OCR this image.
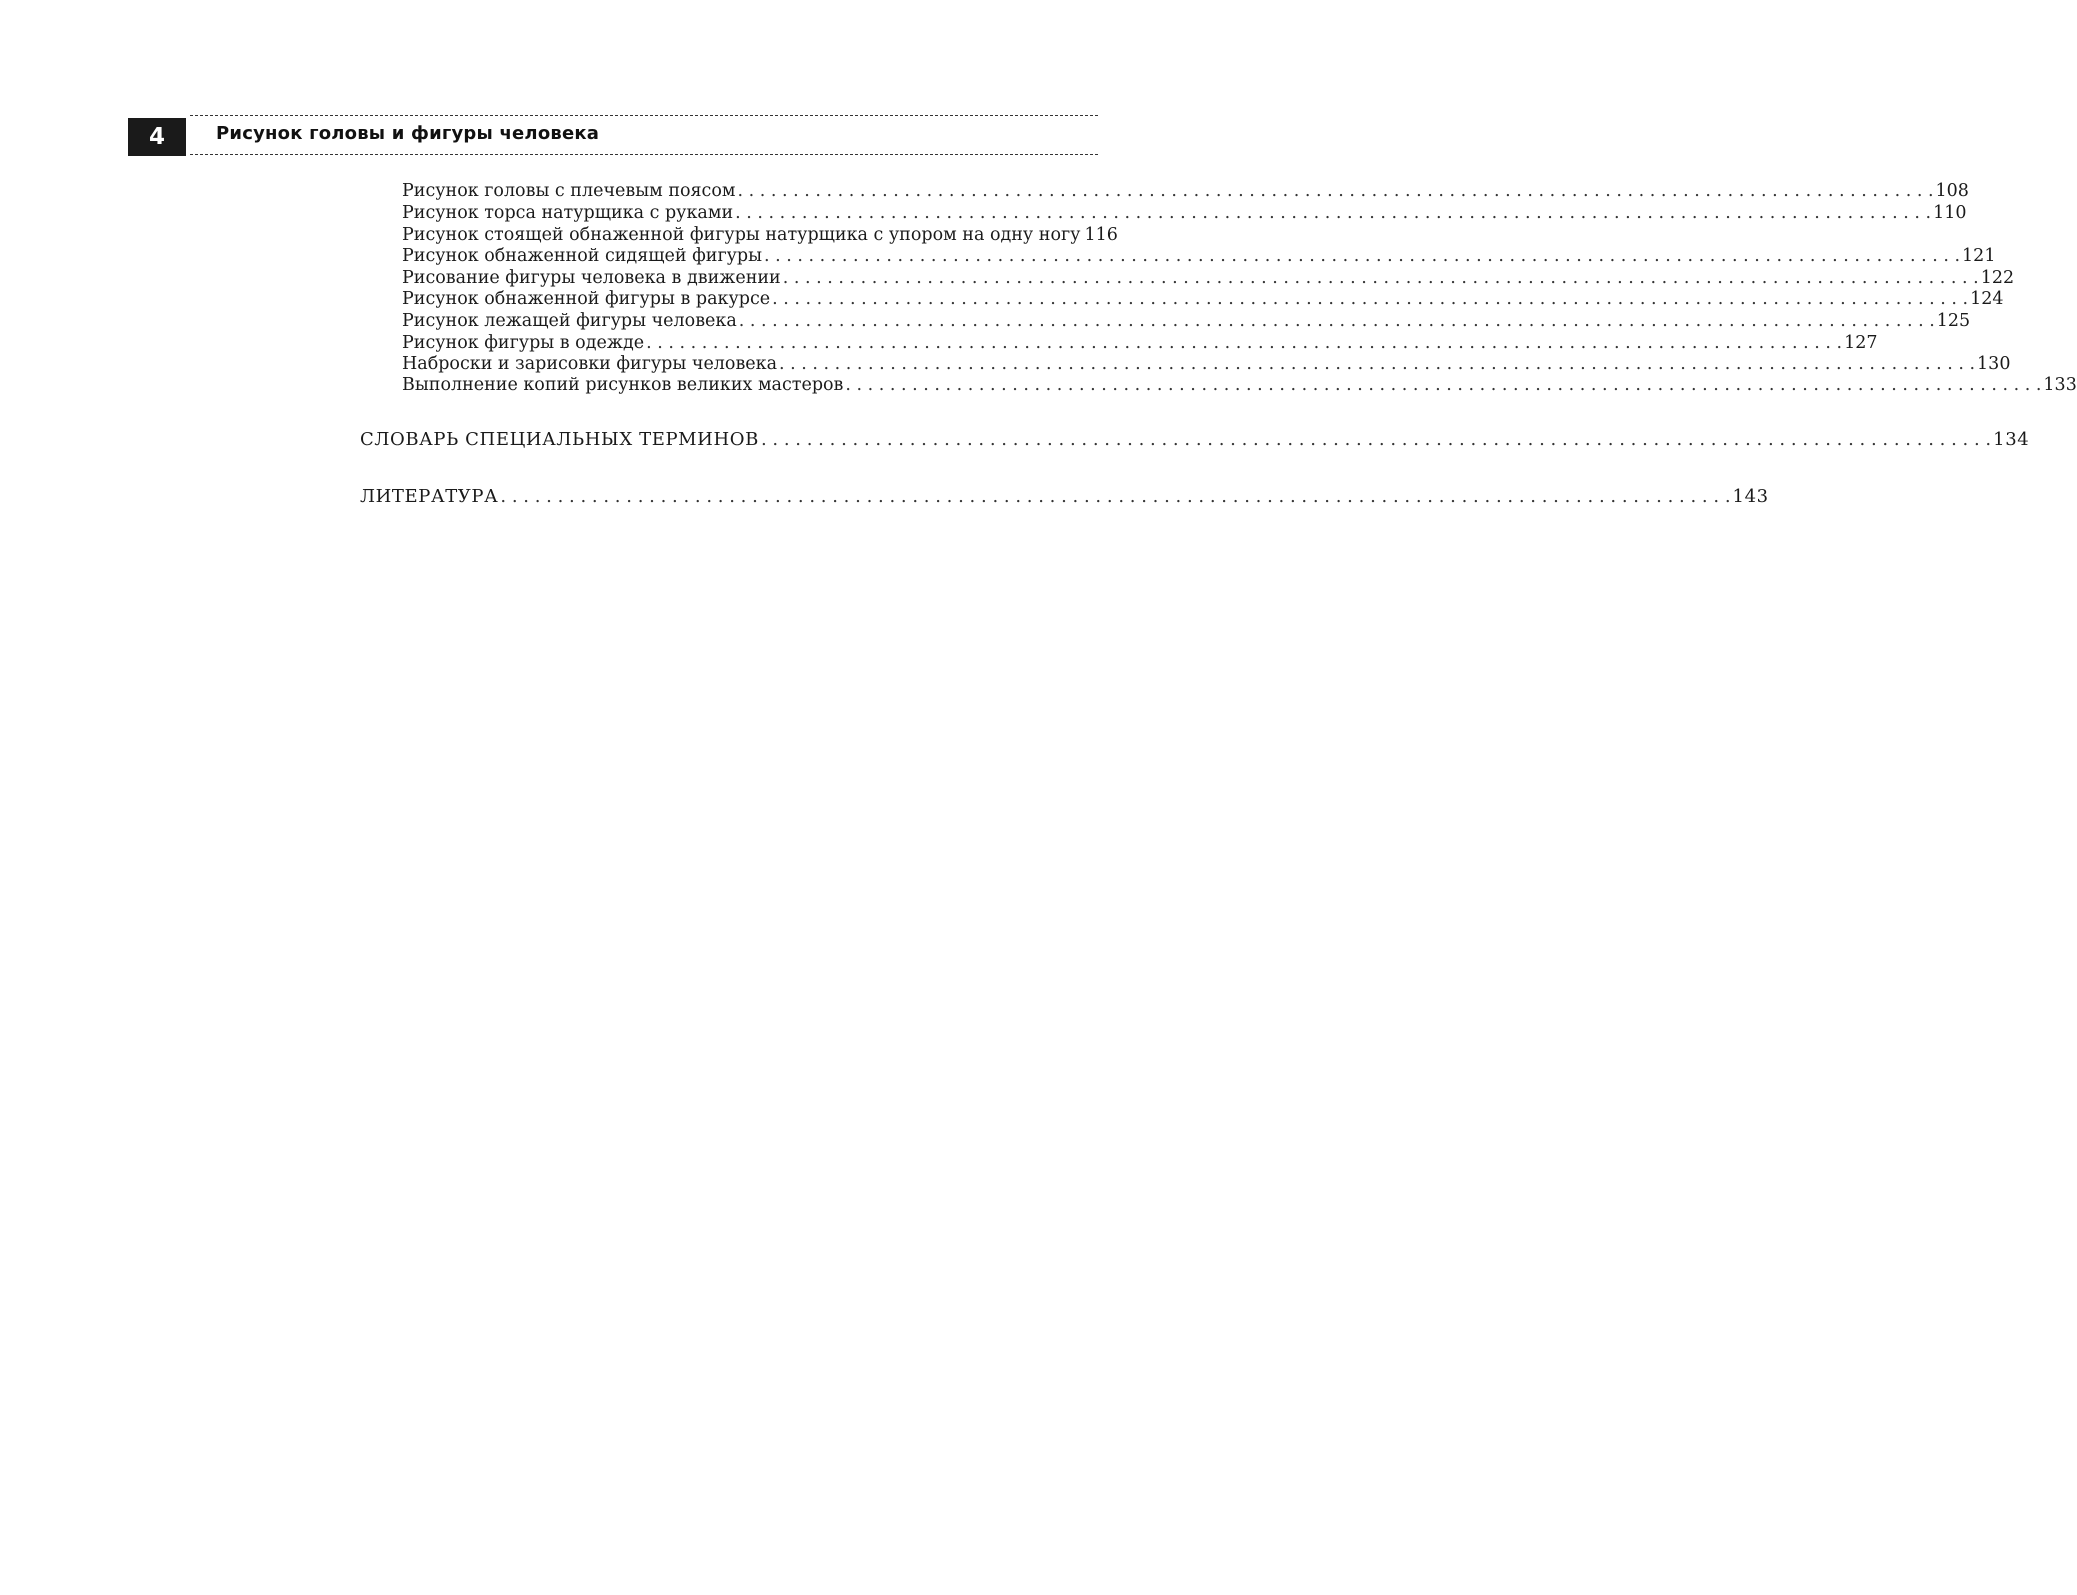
4	Рисунок головы и фигуры человека
Рисунок головы с плечевым поясом . . .	108
Рисунок торса натурщика с руками . . .	110
Рисунок стоящей обнаженной фигуры натурщика с упором на одну ногу 116
Рисунок обнаженной сидящей фигуры . . .	121
Рисование фигуры человека в движении . . .	122
Рисунок обнаженной фигуры в ракурсе . . .	124
Рисунок лежащей фигуры человека . . .	125
Рисунок фигуры в одежде . . .	127
Наброски и зарисовки фигуры человека . . .	130
Выполнение копий рисунков великих мастеров . . .	133
СЛОВАРЬ СПЕЦИАЛЬНЫХ ТЕРМИНОВ . . .	134
ЛИТЕРАТУРА . . .	143
